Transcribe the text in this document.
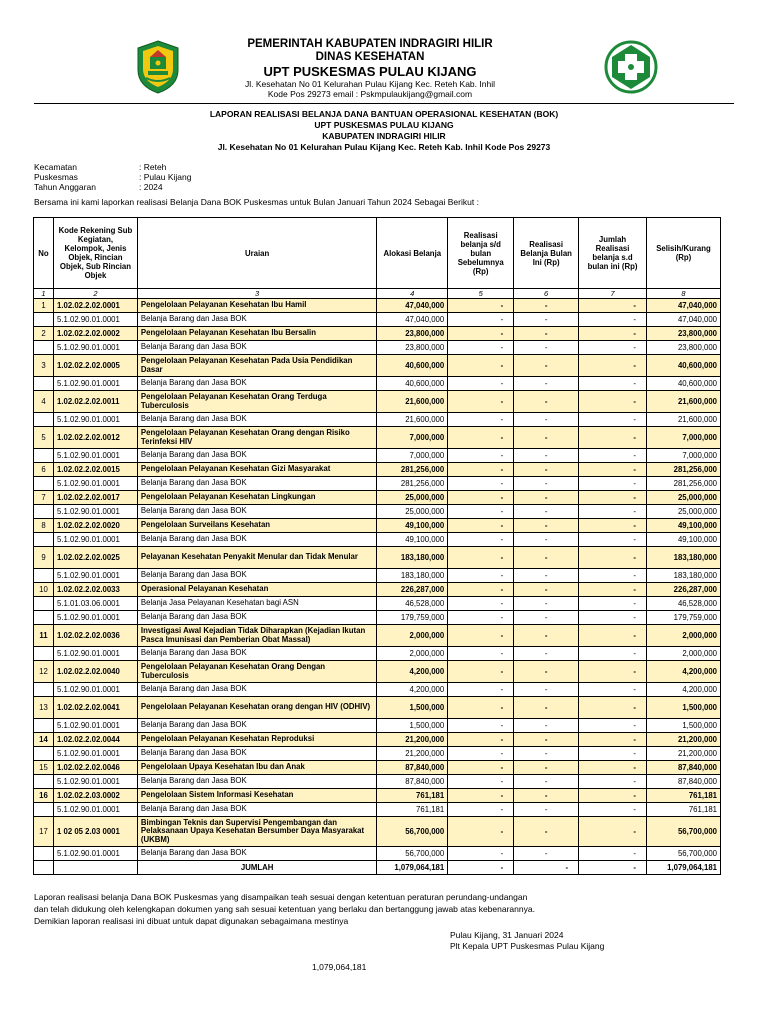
PEMERINTAH KABUPATEN INDRAGIRI HILIR
DINAS KESEHATAN
UPT PUSKESMAS PULAU KIJANG
Jl. Kesehatan No 01 Kelurahan Pulau Kijang Kec. Reteh Kab. Inhil
Kode Pos 29273 email : Pskmpulaukijang@gmail.com
LAPORAN REALISASI BELANJA DANA BANTUAN OPERASIONAL KESEHATAN (BOK)
UPT PUSKESMAS PULAU KIJANG
KABUPATEN INDRAGIRI HILIR
Jl. Kesehatan No 01 Kelurahan Pulau Kijang Kec. Reteh Kab. Inhil Kode Pos 29273
Kecamatan	: Reteh
Puskesmas	: Pulau Kijang
Tahun Anggaran	: 2024
Bersama ini kami laporkan realisasi Belanja Dana BOK Puskesmas untuk Bulan Januari Tahun 2024 Sebagai Berikut :
No	Kode Rekening Sub Kegiatan, Kelompok, Jenis Objek, Rincian Objek, Sub Rincian Objek	Uraian	Alokasi Belanja	Realisasi belanja s/d bulan Sebelumnya (Rp)	Realisasi Belanja Bulan Ini (Rp)	Jumlah Realisasi belanja s.d bulan ini (Rp)	Selisih/Kurang (Rp)
1	2	3	4	5	6	7	8
1	1.02.02.2.02.0001	Pengelolaan Pelayanan Kesehatan Ibu Hamil	47,040,000	-	-	-	47,040,000
	5.1.02.90.01.0001	Belanja Barang dan Jasa BOK	47,040,000	-	-	-	47,040,000
2	1.02.02.2.02.0002	Pengelolaan Pelayanan Kesehatan Ibu Bersalin	23,800,000	-	-	-	23,800,000
	5.1.02.90.01.0001	Belanja Barang dan Jasa BOK	23,800,000	-	-	-	23,800,000
3	1.02.02.2.02.0005	Pengelolaan Pelayanan Kesehatan Pada Usia Pendidikan Dasar	40,600,000	-	-	-	40,600,000
	5.1.02.90.01.0001	Belanja Barang dan Jasa BOK	40,600,000	-	-	-	40,600,000
4	1.02.02.2.02.0011	Pengelolaan Pelayanan Kesehatan Orang Terduga Tuberculosis	21,600,000	-	-	-	21,600,000
	5.1.02.90.01.0001	Belanja Barang dan Jasa BOK	21,600,000	-	-	-	21,600,000
5	1.02.02.2.02.0012	Pengelolaan Pelayanan Kesehatan Orang dengan Risiko Terinfeksi HIV	7,000,000	-	-	-	7,000,000
	5.1.02.90.01.0001	Belanja Barang dan Jasa BOK	7,000,000	-	-	-	7,000,000
6	1.02.02.2.02.0015	Pengelolaan Pelayanan Kesehatan Gizi Masyarakat	281,256,000	-	-	-	281,256,000
	5.1.02.90.01.0001	Belanja Barang dan Jasa BOK	281,256,000	-	-	-	281,256,000
7	1.02.02.2.02.0017	Pengelolaan Pelayanan Kesehatan Lingkungan	25,000,000	-	-	-	25,000,000
	5.1.02.90.01.0001	Belanja Barang dan Jasa BOK	25,000,000	-	-	-	25,000,000
8	1.02.02.2.02.0020	Pengelolaan Surveilans Kesehatan	49,100,000	-	-	-	49,100,000
	5.1.02.90.01.0001	Belanja Barang dan Jasa BOK	49,100,000	-	-	-	49,100,000
9	1.02.02.2.02.0025	Pelayanan Kesehatan Penyakit Menular dan Tidak Menular	183,180,000	-	-	-	183,180,000
	5.1.02.90.01.0001	Belanja Barang dan Jasa BOK	183,180,000	-	-	-	183,180,000
10	1.02.02.2.02.0033	Operasional Pelayanan Kesehatan	226,287,000	-	-	-	226,287,000
	5.1.01.03.06.0001	Belanja Jasa Pelayanan Kesehatan bagi ASN	46,528,000	-	-	-	46,528,000
	5.1.02.90.01.0001	Belanja Barang dan Jasa BOK	179,759,000	-	-	-	179,759,000
11	1.02.02.2.02.0036	Investigasi Awal Kejadian Tidak Diharapkan (Kejadian Ikutan Pasca Imunisasi dan Pemberian Obat Massal)	2,000,000	-	-	-	2,000,000
	5.1.02.90.01.0001	Belanja Barang dan Jasa BOK	2,000,000	-	-	-	2,000,000
12	1.02.02.2.02.0040	Pengelolaan Pelayanan Kesehatan Orang Dengan Tuberculosis	4,200,000	-	-	-	4,200,000
	5.1.02.90.01.0001	Belanja Barang dan Jasa BOK	4,200,000	-	-	-	4,200,000
13	1.02.02.2.02.0041	Pengelolaan Pelayanan Kesehatan orang dengan HIV (ODHIV)	1,500,000	-	-	-	1,500,000
	5.1.02.90.01.0001	Belanja Barang dan Jasa BOK	1,500,000	-	-	-	1,500,000
14	1.02.02.2.02.0044	Pengelolaan Pelayanan Kesehatan Reproduksi	21,200,000	-	-	-	21,200,000
	5.1.02.90.01.0001	Belanja Barang dan Jasa BOK	21,200,000	-	-	-	21,200,000
15	1.02.02.2.02.0046	Pengelolaan Upaya Kesehatan Ibu dan Anak	87,840,000	-	-	-	87,840,000
	5.1.02.90.01.0001	Belanja Barang dan Jasa BOK	87,840,000	-	-	-	87,840,000
16	1.02.02.2.03.0002	Pengelolaan Sistem Informasi Kesehatan	761,181	-	-	-	761,181
	5.1.02.90.01.0001	Belanja Barang dan Jasa BOK	761,181	-	-	-	761,181
17	1 02 05 2.03 0001	Bimbingan Teknis dan Supervisi Pengembangan dan Pelaksanaan Upaya Kesehatan Bersumber Daya Masyarakat (UKBM)	56,700,000	-	-	-	56,700,000
	5.1.02.90.01.0001	Belanja Barang dan Jasa BOK	56,700,000	-	-	-	56,700,000
		JUMLAH	1,079,064,181	-	-	-	1,079,064,181
Laporan realisasi belanja Dana BOK Puskesmas yang disampaikan teah sesuai dengan ketentuan peraturan perundang-undangan
dan telah didukung oleh kelengkapan dokumen yang sah sesuai ketentuan yang berlaku dan bertanggung jawab atas kebenarannya.
Demikian laporan realisasi ini dibuat untuk dapat digunakan sebagaimana mestinya
Pulau Kijang, 31 Januari 2024
Plt Kepala UPT Puskesmas Pulau Kijang
1,079,064,181
